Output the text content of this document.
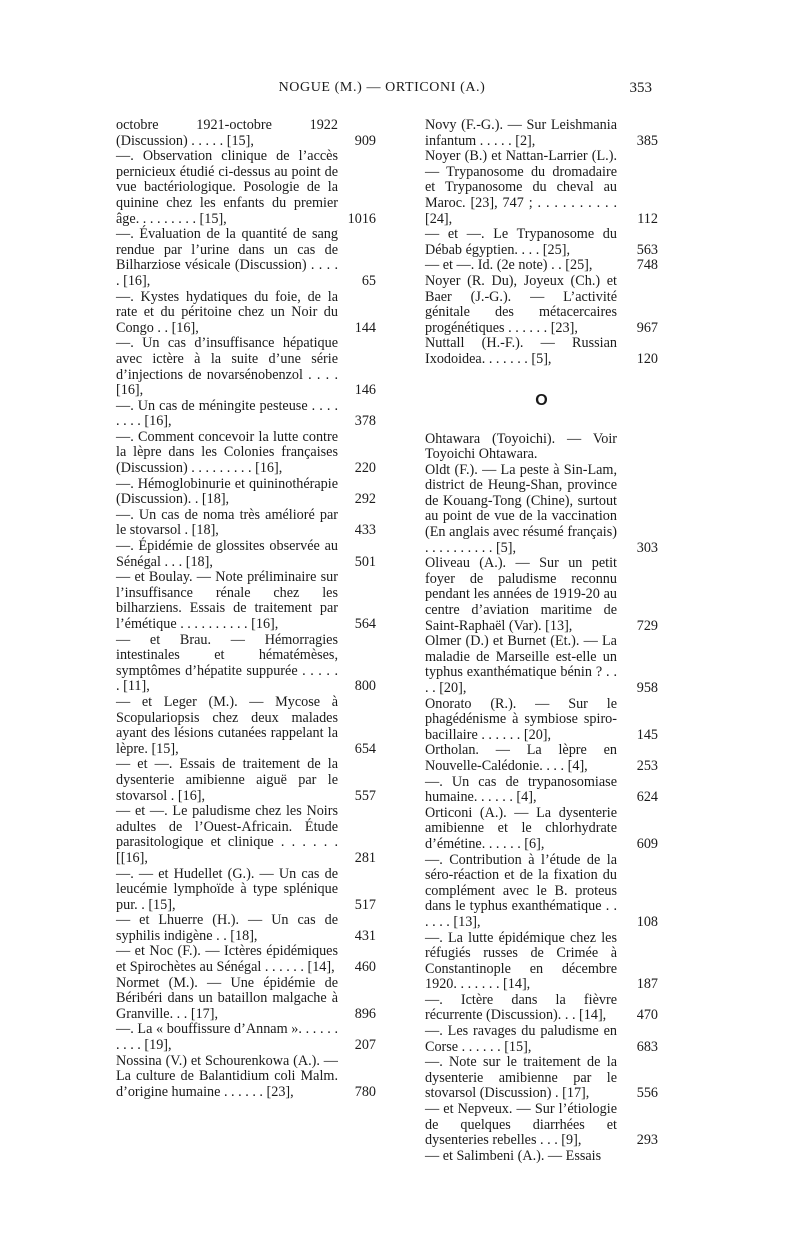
NOGUE (M.) — ORTICONI (A.)	353
octobre 1921-octobre 1922 (Discussion) . . . . . [15],	909
—. Observation clinique de l’accès pernicieux étudié ci-dessus au point de vue bactériologique. Posologie de la quinine chez les enfants du premier âge. . . . . . . . . [15],	1016
—. Évaluation de la quantité de sang rendue par l’urine dans un cas de Bilharziose vésicale (Discussion) . . . . . [16],	65
—. Kystes hydatiques du foie, de la rate et du péritoine chez un Noir du Congo . . [16],	144
—. Un cas d’insuffisance hépatique avec ictère à la suite d’une série d’injections de novarsénobenzol . . . . [16],	146
—. Un cas de méningite pesteuse . . . . . . . . [16],	378
—. Comment concevoir la lutte contre la lèpre dans les Colonies françaises (Discussion) . . . . . . . . . [16],	220
—. Hémoglobinurie et quininothérapie (Discussion). . [18],	292
—. Un cas de noma très amélioré par le stovarsol . [18],	433
—. Épidémie de glossites observée au Sénégal . . . [18],	501
— et Boulay. — Note préliminaire sur l’insuffisance rénale chez les bilharziens. Essais de traitement par l’émétique . . . . . . . . . . [16],	564
— et Brau. — Hémorragies intestinales et hématémèses, symptômes d’hépatite suppurée . . . . . . [11],	800
— et Leger (M.). — Mycose à Scopulariopsis chez deux malades ayant des lésions cutanées rappelant la lèpre. [15],	654
— et —. Essais de traitement de la dysenterie amibienne aiguë par le stovarsol . [16],	557
— et —. Le paludisme chez les Noirs adultes de l’Ouest-Africain. Étude parasitologique et clinique . . . . . . [[16],	281
—. — et Hudellet (G.). — Un cas de leucémie lymphoïde à type splénique pur. . [15],	517
— et Lhuerre (H.). — Un cas de syphilis indigène . . [18],	431
— et Noc (F.). — Ictères épidémiques et Spirochètes au Sénégal . . . . . . [14], 460
Normet (M.). — Une épidémie de Béribéri dans un bataillon malgache à Granville. . . [17],	896
—. La « bouffissure d’Annam ». . . . . . . . . . [19],	207
Nossina (V.) et Schourenkowa (A.). — La culture de Balantidium coli Malm. d’origine humaine . . . . . . [23],	780
Novy (F.-G.). — Sur Leishmania infantum . . . . . [2],	385
Noyer (B.) et Nattan-Larrier (L.). — Trypanosome du dromadaire et Trypanosome du cheval au Maroc. [23], 747 ; . . . . . . . . . . [24],	112
— et —. Le Trypanosome du Débab égyptien. . . . [25],	563
— et —. Id. (2e note) . . [25],	748
Noyer (R. Du), Joyeux (Ch.) et Baer (J.-G.). — L’activité génitale des métacercaires progénétiques . . . . . . [23],	967
Nuttall (H.-F.). — Russian Ixodoidea. . . . . . . [5],	120
O
Ohtawara (Toyoichi). — Voir Toyoichi Ohtawara.
Oldt (F.). — La peste à Sin-Lam, district de Heung-Shan, province de Kouang-Tong (Chine), surtout au point de vue de la vaccination (En anglais avec résumé français) . . . . . . . . . . [5],	303
Oliveau (A.). — Sur un petit foyer de paludisme reconnu pendant les années de 1919-20 au centre d’aviation maritime de Saint-Raphaël (Var). [13],	729
Olmer (D.) et Burnet (Et.). — La maladie de Marseille est-elle un typhus exanthématique bénin ? . . . . [20],	958
Onorato (R.). — Sur le phagédénisme à symbiose spiro-bacillaire . . . . . . [20],	145
Ortholan. — La lèpre en Nouvelle-Calédonie. . . . [4],	253
—. Un cas de trypanosomiase humaine. . . . . . [4],	624
Orticoni (A.). — La dysenterie amibienne et le chlorhydrate d’émétine. . . . . . [6],	609
—. Contribution à l’étude de la séro-réaction et de la fixation du complément avec le B. proteus dans le typhus exanthématique . . . . . . [13],	108
—. La lutte épidémique chez les réfugiés russes de Crimée à Constantinople en décembre 1920. . . . . . . [14],	187
—. Ictère dans la fièvre récurrente (Discussion). . . [14],	470
—. Les ravages du paludisme en Corse . . . . . . [15],	683
—. Note sur le traitement de la dysenterie amibienne par le stovarsol (Discussion) . [17],	556
— et Nepveux. — Sur l’étiologie de quelques diarrhées et dysenteries rebelles . . . [9],	293
— et Salimbeni (A.). — Essais
